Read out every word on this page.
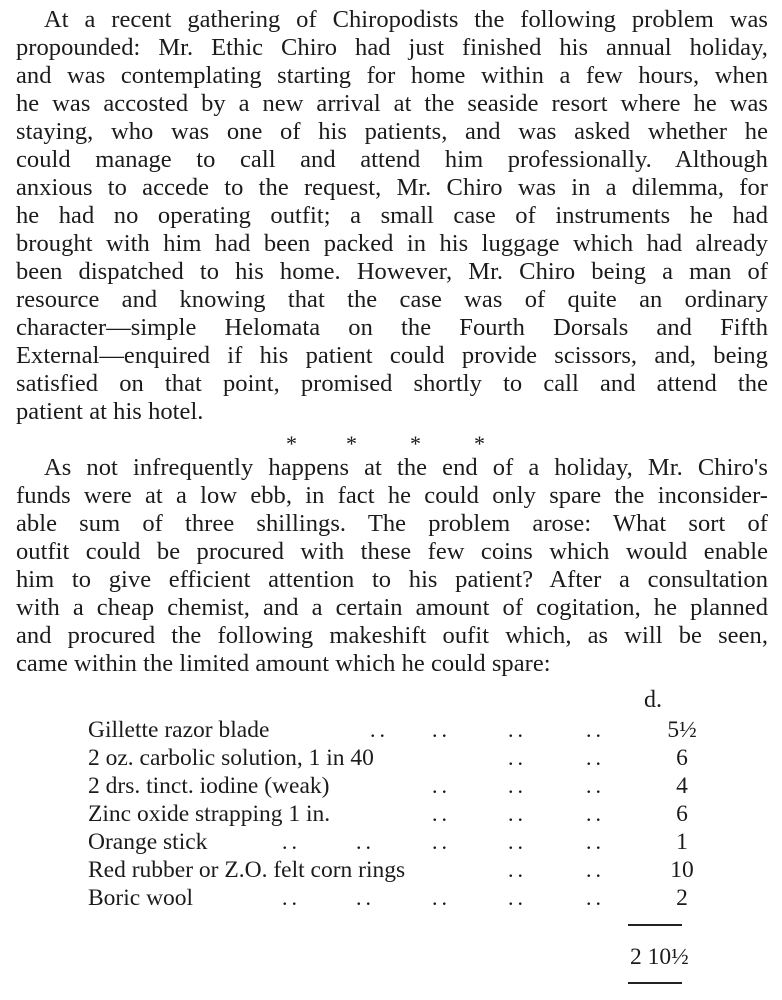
At a recent gathering of Chiropodists the following problem was

propounded: Mr. Ethic Chiro had just finished his annual holiday,

and was contemplating starting for home within a few hours, when

he was accosted by a new arrival at the seaside resort where he was

staying, who was one of his patients, and was asked whether he

could manage to call and attend him professionally. Although

anxious to accede to the request, Mr. Chiro was in a dilemma, for

he had no operating outfit; a small case of instruments he had

brought with him had been packed in his luggage which had already

been dispatched to his home. However, Mr. Chiro being a man of

resource and knowing that the case was of quite an ordinary

character—simple Helomata on the Fourth Dorsals and Fifth

External—enquired if his patient could provide scissors, and, being

satisfied on that point, promised shortly to call and attend the

patient at his hotel.

* * * *

As not infrequently happens at the end of a holiday, Mr. Chiro's

funds were at a low ebb, in fact he could only spare the inconsider-

able sum of three shillings. The problem arose: What sort of

outfit could be procured with these few coins which would enable

him to give efficient attention to his patient? After a consultation

with a cheap chemist, and a certain amount of cogitation, he planned

and procured the following makeshift oufit which, as will be seen,

came within the limited amount which he could spare:

d.
Gillette razor blade	.. ..	..	..	5½
2 oz. carbolic solution, 1 in 40	..	..	6
2 drs. tinct. iodine (weak)	..	..	..	4
Zinc oxide strapping 1 in.	..	..	..	6
Orange stick	..	..	..	..	..	1
Red rubber or Z.O. felt corn rings	..	..	10
Boric wool	..	..	..	..	..	2
2 10½
